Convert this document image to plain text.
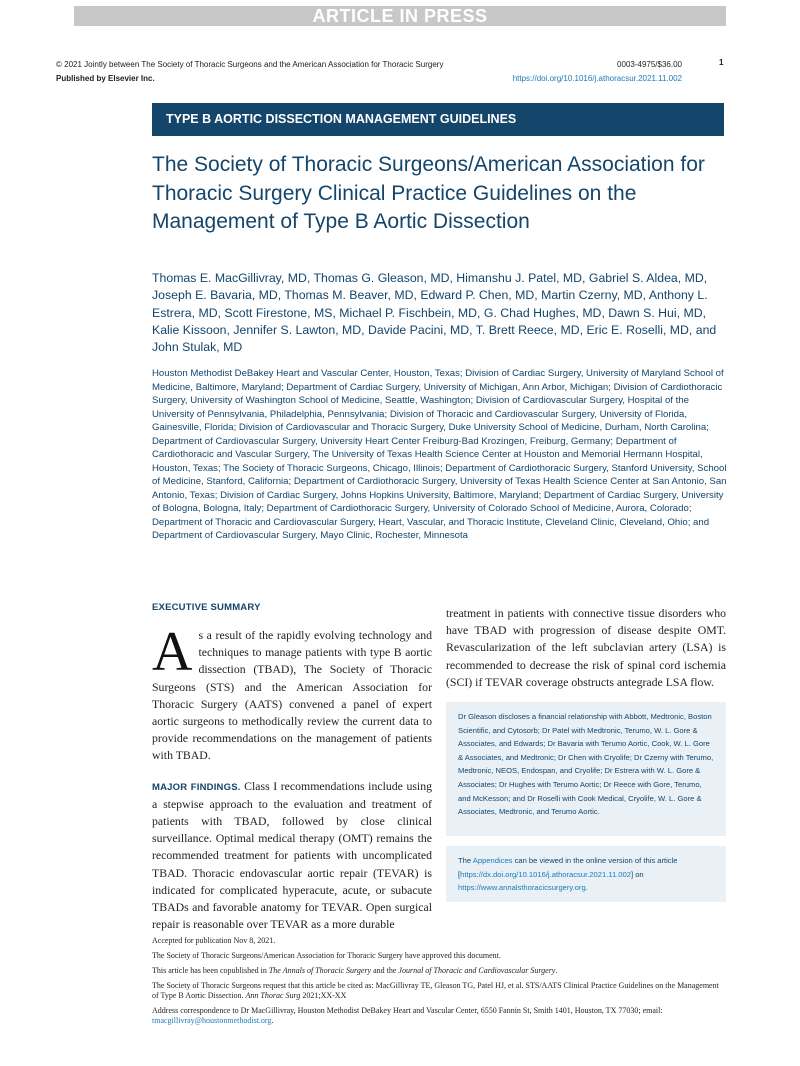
ARTICLE IN PRESS
© 2021 Jointly between The Society of Thoracic Surgeons and the American Association for Thoracic Surgery
Published by Elsevier Inc.
0003-4975/$36.00
https://doi.org/10.1016/j.athoracsur.2021.11.002
1
TYPE B AORTIC DISSECTION MANAGEMENT GUIDELINES
The Society of Thoracic Surgeons/American Association for Thoracic Surgery Clinical Practice Guidelines on the Management of Type B Aortic Dissection

Thomas E. MacGillivray, MD, Thomas G. Gleason, MD, Himanshu J. Patel, MD, Gabriel S. Aldea, MD, Joseph E. Bavaria, MD, Thomas M. Beaver, MD, Edward P. Chen, MD, Martin Czerny, MD, Anthony L. Estrera, MD, Scott Firestone, MS, Michael P. Fischbein, MD, G. Chad Hughes, MD, Dawn S. Hui, MD, Kalie Kissoon, Jennifer S. Lawton, MD, Davide Pacini, MD, T. Brett Reece, MD, Eric E. Roselli, MD, and John Stulak, MD

Houston Methodist DeBakey Heart and Vascular Center, Houston, Texas; Division of Cardiac Surgery, University of Maryland School of Medicine, Baltimore, Maryland; Department of Cardiac Surgery, University of Michigan, Ann Arbor, Michigan; Division of Cardiothoracic Surgery, University of Washington School of Medicine, Seattle, Washington; Division of Cardiovascular Surgery, Hospital of the University of Pennsylvania, Philadelphia, Pennsylvania; Division of Thoracic and Cardiovascular Surgery, University of Florida, Gainesville, Florida; Division of Cardiovascular and Thoracic Surgery, Duke University School of Medicine, Durham, North Carolina; Department of Cardiovascular Surgery, University Heart Center Freiburg-Bad Krozingen, Freiburg, Germany; Department of Cardiothoracic and Vascular Surgery, The University of Texas Health Science Center at Houston and Memorial Hermann Hospital, Houston, Texas; The Society of Thoracic Surgeons, Chicago, Illinois; Department of Cardiothoracic Surgery, Stanford University, School of Medicine, Stanford, California; Department of Cardiothoracic Surgery, University of Texas Health Science Center at San Antonio, San Antonio, Texas; Division of Cardiac Surgery, Johns Hopkins University, Baltimore, Maryland; Department of Cardiac Surgery, University of Bologna, Bologna, Italy; Department of Cardiothoracic Surgery, University of Colorado School of Medicine, Aurora, Colorado; Department of Thoracic and Cardiovascular Surgery, Heart, Vascular, and Thoracic Institute, Cleveland Clinic, Cleveland, Ohio; and Department of Cardiovascular Surgery, Mayo Clinic, Rochester, Minnesota

EXECUTIVE SUMMARY

As a result of the rapidly evolving technology and techniques to manage patients with type B aortic dissection (TBAD), The Society of Thoracic Surgeons (STS) and the American Association for Thoracic Surgery (AATS) convened a panel of expert aortic surgeons to methodically review the current data to provide recommendations on the management of patients with TBAD.

MAJOR FINDINGS. Class I recommendations include using a stepwise approach to the evaluation and treatment of patients with TBAD, followed by close clinical surveillance. Optimal medical therapy (OMT) remains the recommended treatment for patients with uncomplicated TBAD. Thoracic endovascular aortic repair (TEVAR) is indicated for complicated hyperacute, acute, or subacute TBADs and favorable anatomy for TEVAR. Open surgical repair is reasonable over TEVAR as a more durable

treatment in patients with connective tissue disorders who have TBAD with progression of disease despite OMT. Revascularization of the left subclavian artery (LSA) is recommended to decrease the risk of spinal cord ischemia (SCI) if TEVAR coverage obstructs antegrade LSA flow.

Dr Gleason discloses a financial relationship with Abbott, Medtronic, Boston Scientific, and Cytosorb; Dr Patel with Medtronic, Terumo, W. L. Gore & Associates, and Edwards; Dr Bavaria with Terumo Aortic, Cook, W. L. Gore & Associates, and Medtronic; Dr Chen with Cryolife; Dr Czerny with Terumo, Medtronic, NEOS, Endospan, and Cryolife; Dr Estrera with W. L. Gore & Associates; Dr Hughes with Terumo Aortic; Dr Reece with Gore, Terumo, and McKesson; and Dr Roselli with Cook Medical, Cryolife, W. L. Gore & Associates, Medtronic, and Terumo Aortic.
The Appendices can be viewed in the online version of this article [https://dx.doi.org/10.1016/j.athoracsur.2021.11.002] on https://www.annalsthoracicsurgery.org.

Accepted for publication Nov 8, 2021.

The Society of Thoracic Surgeons/American Association for Thoracic Surgery have approved this document.

This article has been copublished in The Annals of Thoracic Surgery and the Journal of Thoracic and Cardiovascular Surgery.

The Society of Thoracic Surgeons request that this article be cited as: MacGillivray TE, Gleason TG, Patel HJ, et al. STS/AATS Clinical Practice Guidelines on the Management of Type B Aortic Dissection. Ann Thorac Surg 2021;XX-XX

Address correspondence to Dr MacGillivray, Houston Methodist DeBakey Heart and Vascular Center, 6550 Fannin St, Smith 1401, Houston, TX 77030; email: tmacgillivray@houstonmethodist.org.
